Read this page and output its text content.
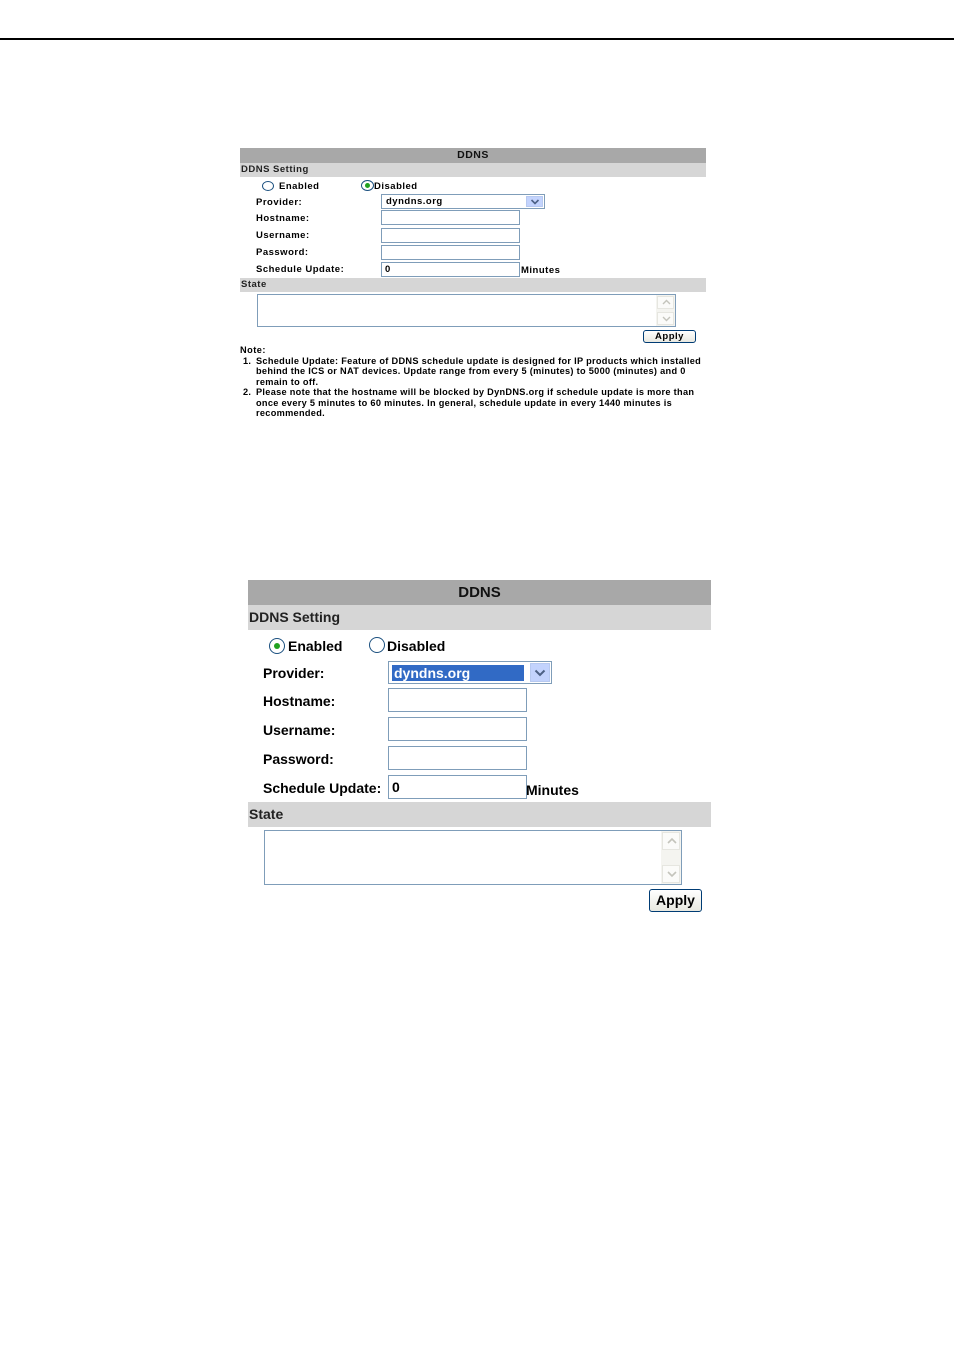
DDNS
DDNS Setting
Enabled	Disabled
Provider:	dyndns.org
Hostname:
Username:
Password:
Schedule Update:	0	Minutes
State
Apply
Note:
1. Schedule Update: Feature of DDNS schedule update is designed for IP products which installed behind the ICS or NAT devices. Update range from every 5 (minutes) to 5000 (minutes) and 0 remain to off.
2. Please note that the hostname will be blocked by DynDNS.org if schedule update is more than once every 5 minutes to 60 minutes. In general, schedule update in every 1440 minutes is recommended.
DDNS
DDNS Setting
Enabled	Disabled
Provider:	dyndns.org
Hostname:
Username:
Password:
Schedule Update: 0	Minutes
State
Apply
